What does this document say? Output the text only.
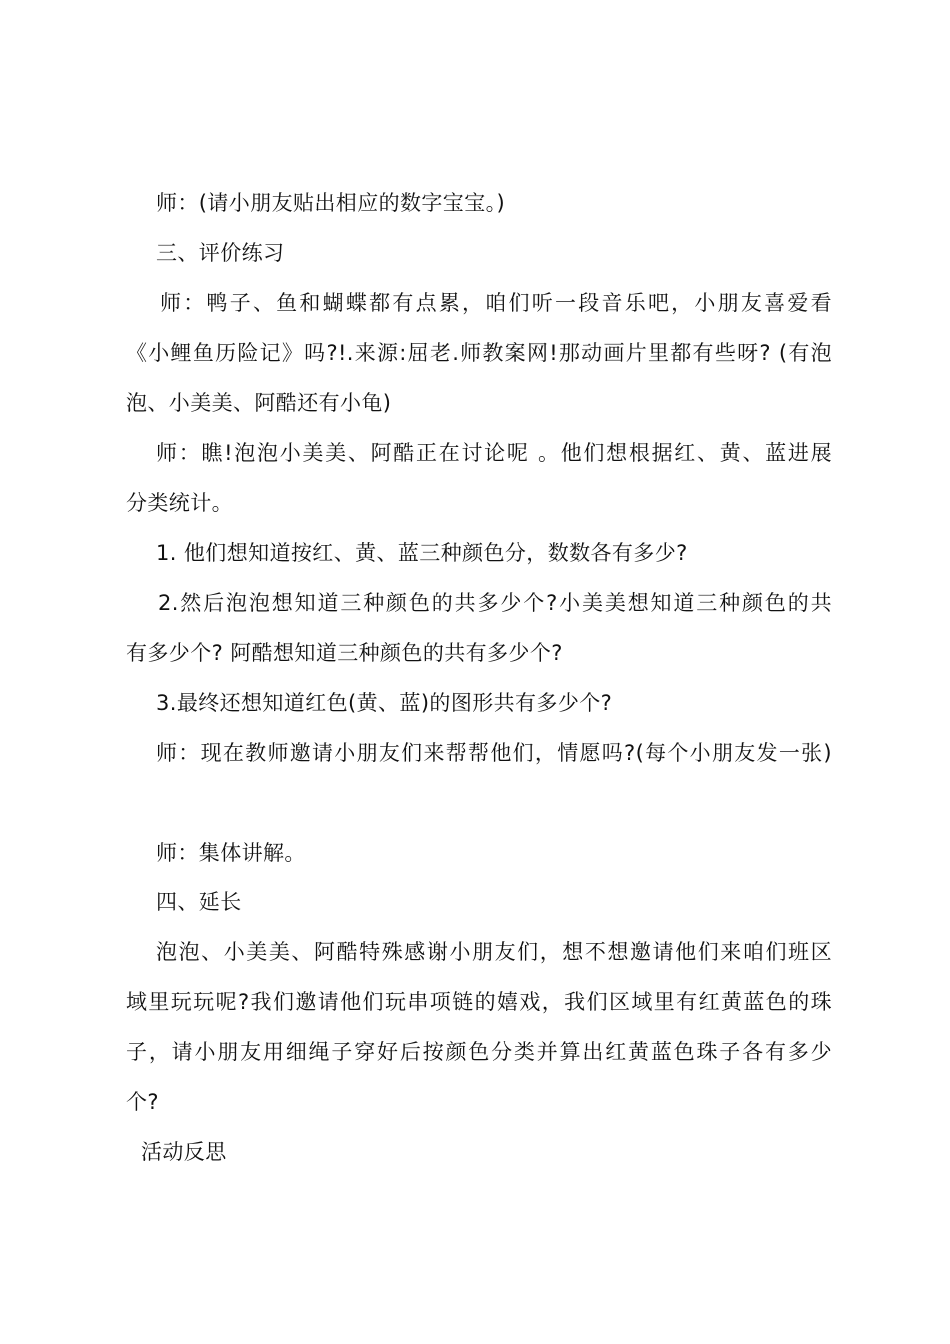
师：(请小朋友贴出相应的数字宝宝。)
三、评价练习
师：鸭子、鱼和蝴蝶都有点累，咱们听一段音乐吧，小朋友喜爱看
《小鲤鱼历险记》吗?!.来源:屈老.师教案网!那动画片里都有些呀? (有泡
泡、小美美、阿酷还有小龟)
师：瞧!泡泡小美美、阿酷正在讨论呢 。他们想根据红、黄、蓝进展
分类统计。
1. 他们想知道按红、黄、蓝三种颜色分，数数各有多少?
2.然后泡泡想知道三种颜色的共多少个?小美美想知道三种颜色的共
有多少个? 阿酷想知道三种颜色的共有多少个?
3.最终还想知道红色(黄、蓝)的图形共有多少个?
师：现在教师邀请小朋友们来帮帮他们，情愿吗?(每个小朋友发一张)
师：集体讲解。
四、延长
泡泡、小美美、阿酷特殊感谢小朋友们，想不想邀请他们来咱们班区
域里玩玩呢?我们邀请他们玩串项链的嬉戏，我们区域里有红黄蓝色的珠
子，请小朋友用细绳子穿好后按颜色分类并算出红黄蓝色珠子各有多少
个?
活动反思
